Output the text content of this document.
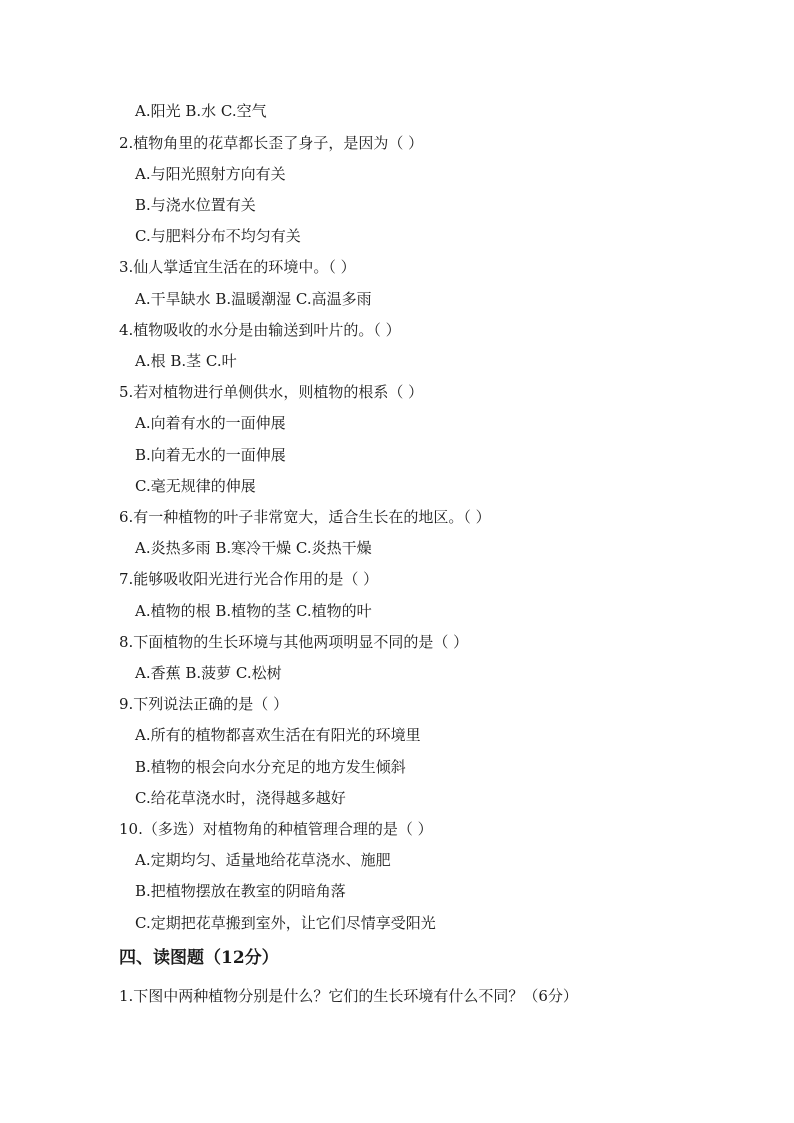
A.阳光 B.水 C.空气
2.植物角里的花草都长歪了身子，是因为（ ）
A.与阳光照射方向有关
B.与浇水位置有关
C.与肥料分布不均匀有关
3.仙人掌适宜生活在的环境中。（ ）
A.干旱缺水 B.温暖潮湿 C.高温多雨
4.植物吸收的水分是由输送到叶片的。（ ）
A.根 B.茎 C.叶
5.若对植物进行单侧供水，则植物的根系（ ）
A.向着有水的一面伸展
B.向着无水的一面伸展
C.毫无规律的伸展
6.有一种植物的叶子非常宽大，适合生长在的地区。（ ）
A.炎热多雨 B.寒冷干燥 C.炎热干燥
7.能够吸收阳光进行光合作用的是（ ）
A.植物的根 B.植物的茎 C.植物的叶
8.下面植物的生长环境与其他两项明显不同的是（ ）
A.香蕉 B.菠萝 C.松树
9.下列说法正确的是（ ）
A.所有的植物都喜欢生活在有阳光的环境里
B.植物的根会向水分充足的地方发生倾斜
C.给花草浇水时，浇得越多越好
10.（多选）对植物角的种植管理合理的是（ ）
A.定期均匀、适量地给花草浇水、施肥
B.把植物摆放在教室的阴暗角落
C.定期把花草搬到室外，让它们尽情享受阳光
四、读图题（12分）
1.下图中两种植物分别是什么？它们的生长环境有什么不同？（6分）
